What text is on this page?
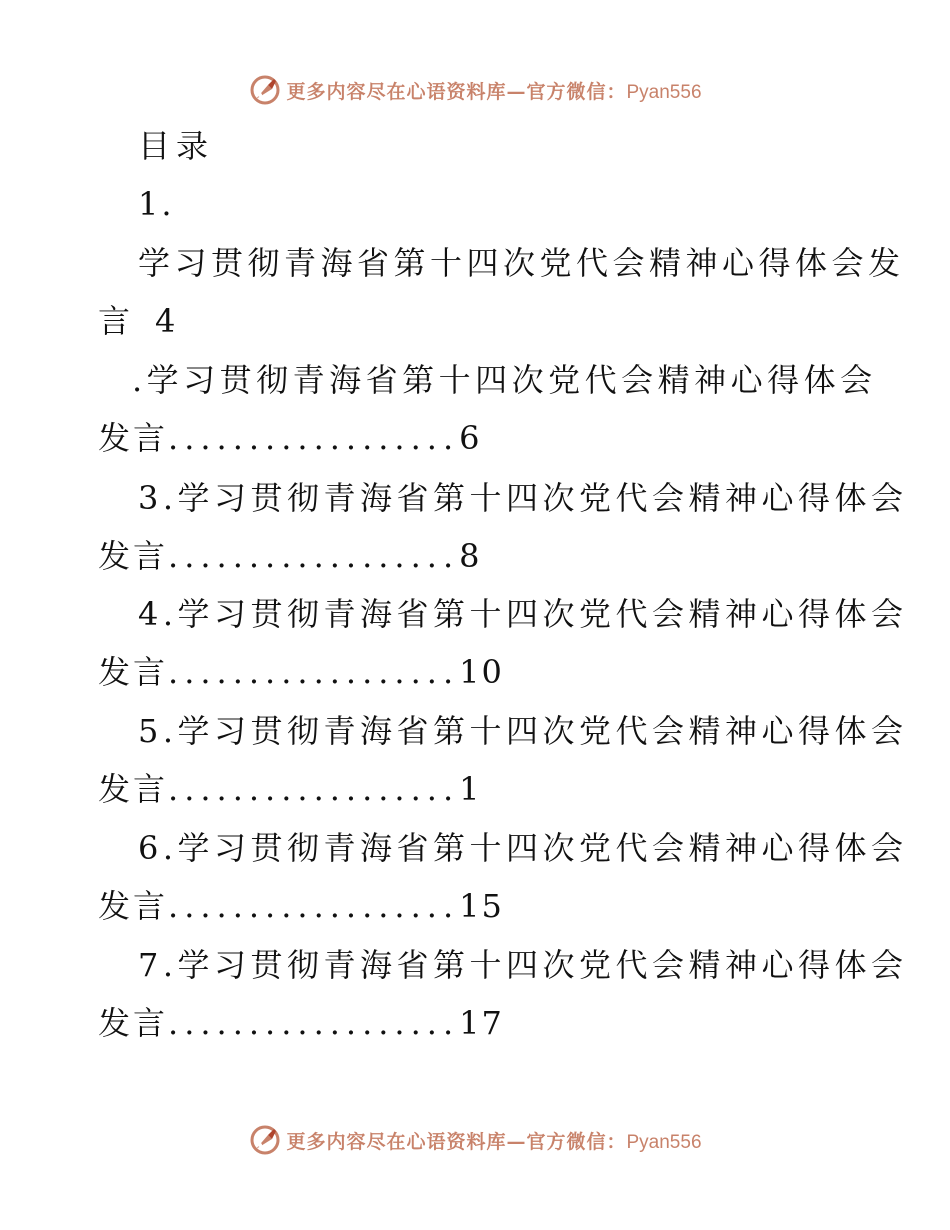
更多内容尽在心语资料库—官方微信：Pyan556
目录
1.
学习贯彻青海省第十四次党代会精神心得体会发
言 4
.学习贯彻青海省第十四次党代会精神心得体会
发言..................6
3.学习贯彻青海省第十四次党代会精神心得体会
发言..................8
4.学习贯彻青海省第十四次党代会精神心得体会
发言..................10
5.学习贯彻青海省第十四次党代会精神心得体会
发言..................1
6.学习贯彻青海省第十四次党代会精神心得体会
发言..................15
7.学习贯彻青海省第十四次党代会精神心得体会
发言..................17
更多内容尽在心语资料库—官方微信：Pyan556
